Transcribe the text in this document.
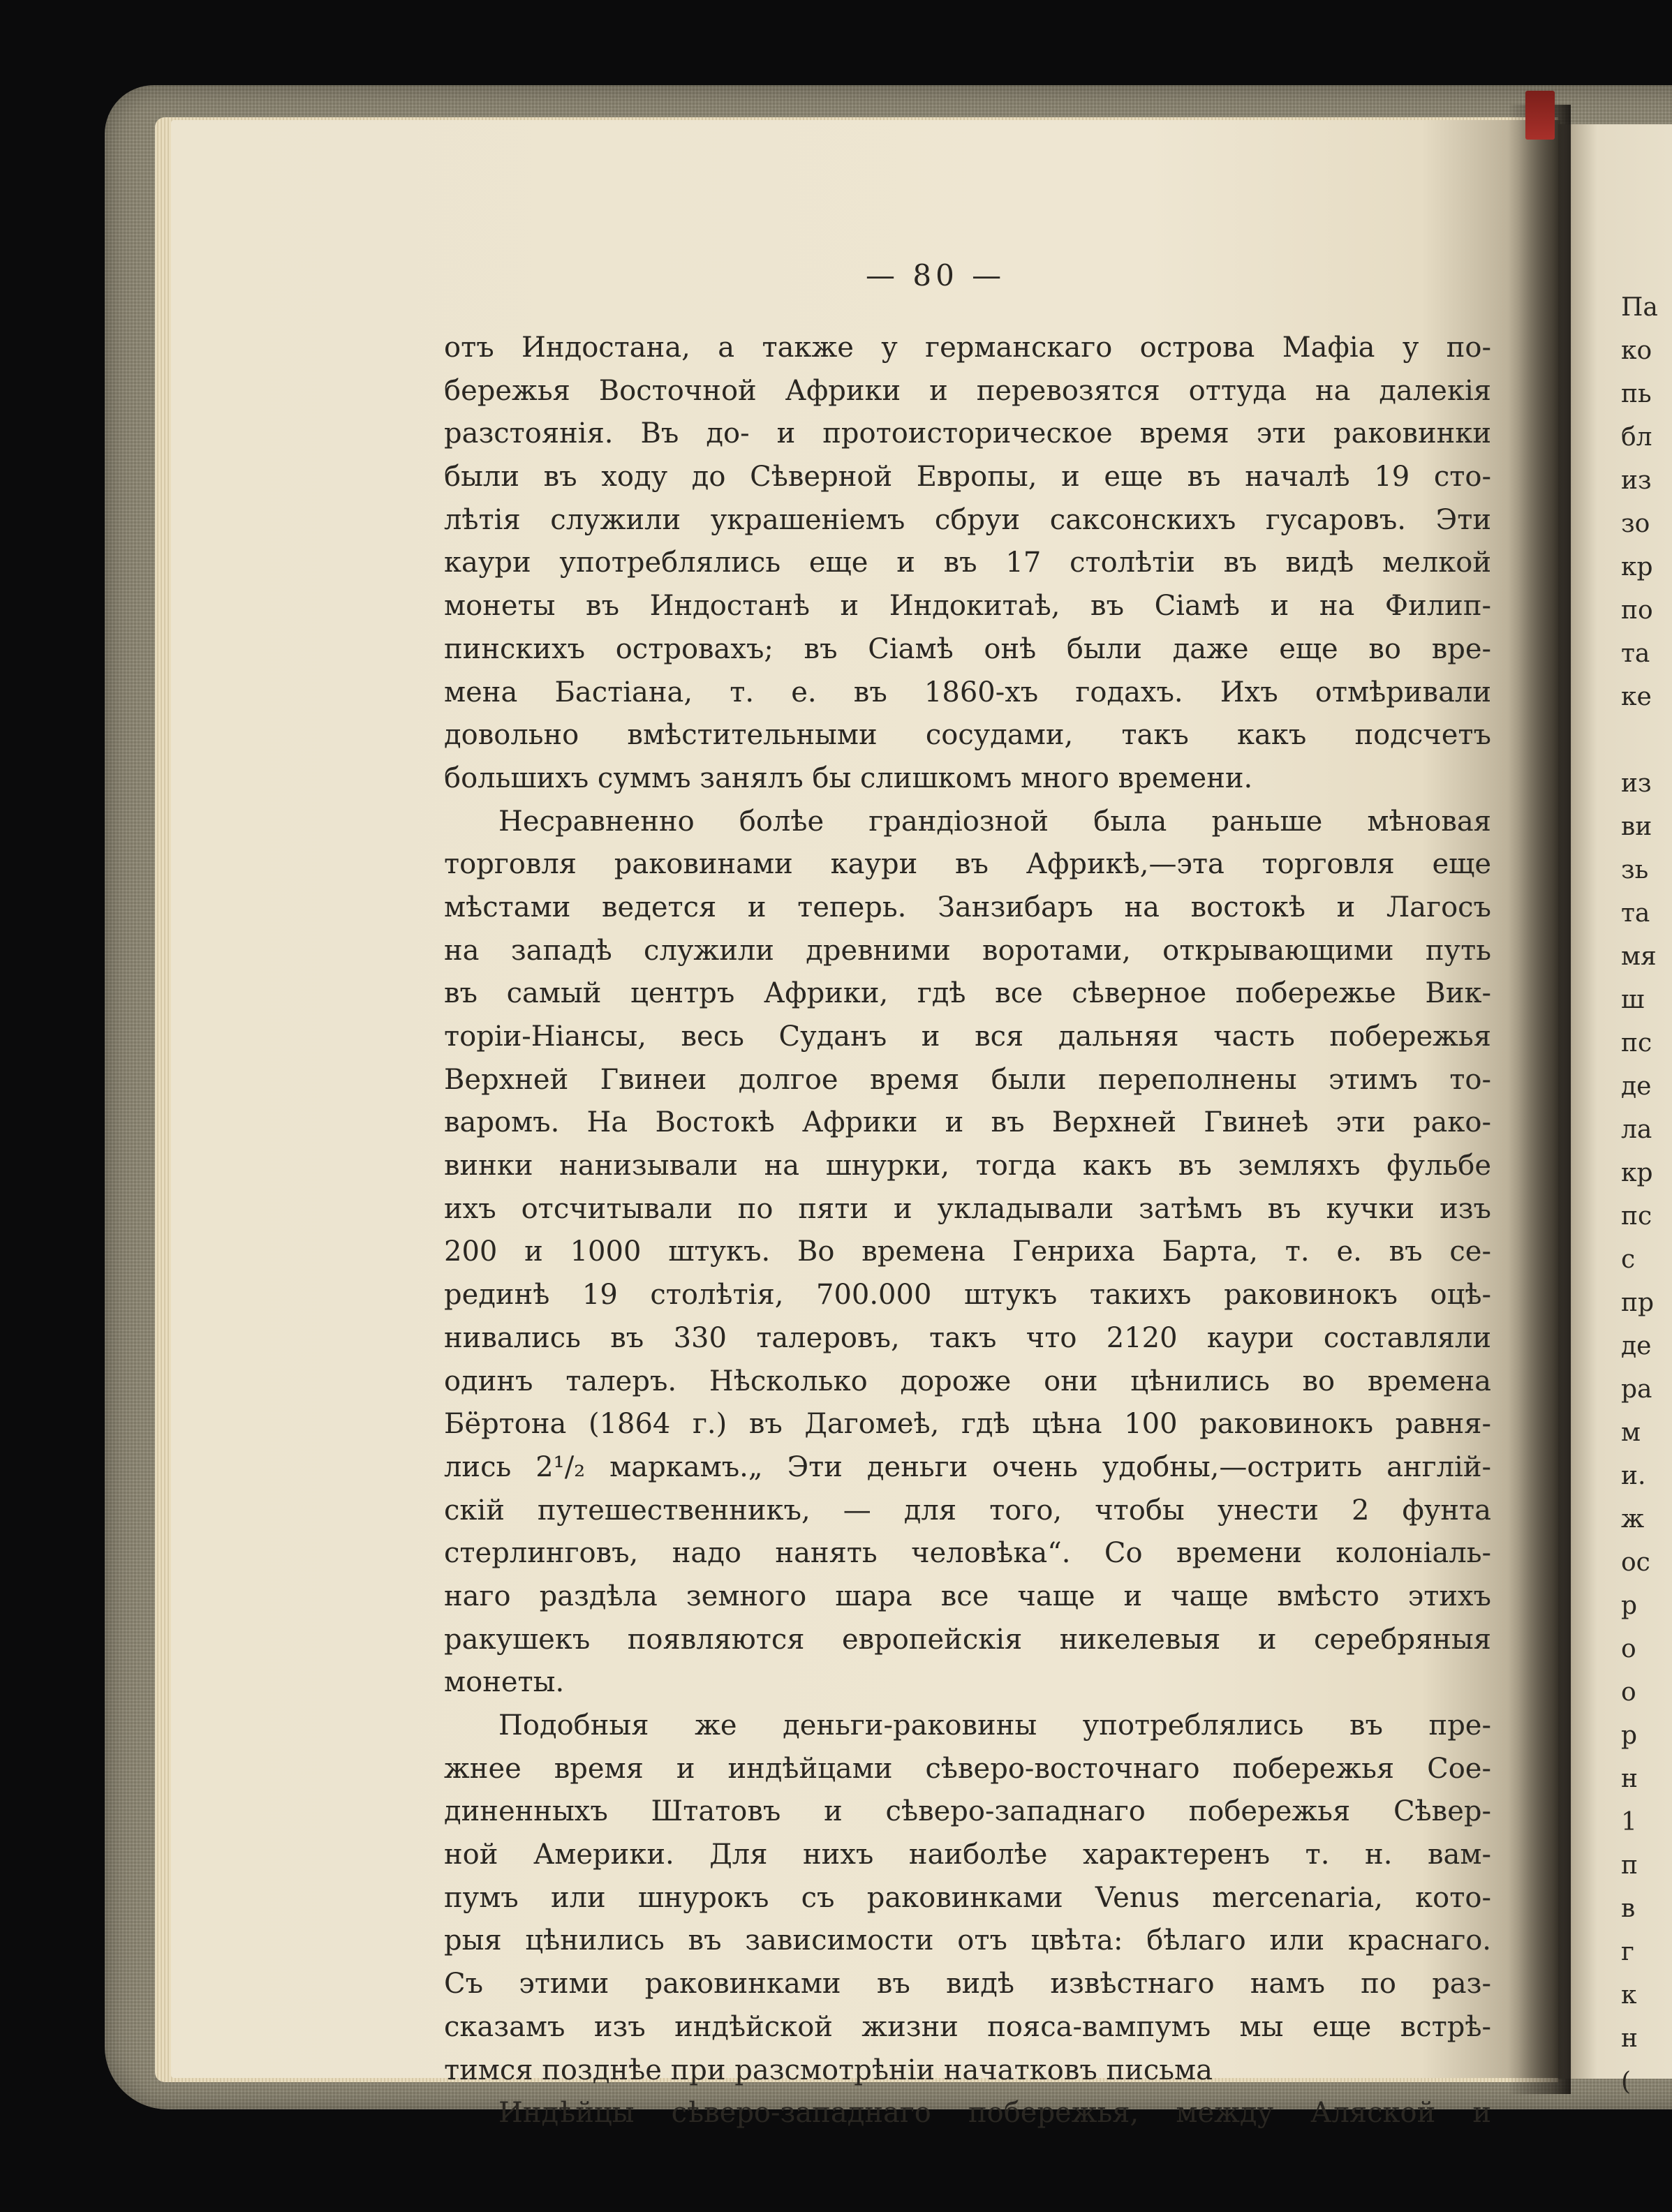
— 80 —
отъ Индостана, а также у германскаго острова Мафіа у по-
бережья Восточной Африки и перевозятся оттуда на далекія
разстоянія. Въ до- и протоисторическое время эти раковинки
были въ ходу до Сѣверной Европы, и еще въ началѣ 19 сто-
лѣтія служили украшеніемъ сбруи саксонскихъ гусаровъ. Эти
каури употреблялись еще и въ 17 столѣтіи въ видѣ мелкой
монеты въ Индостанѣ и Индокитаѣ, въ Сіамѣ и на Филип-
пинскихъ островахъ; въ Сіамѣ онѣ были даже еще во вре-
мена Бастіана, т. е. въ 1860-хъ годахъ. Ихъ отмѣривали
довольно вмѣстительными сосудами, такъ какъ подсчетъ
большихъ суммъ занялъ бы слишкомъ много времени.
Несравненно болѣе грандіозной была раньше мѣновая
торговля раковинами каури въ Африкѣ,—эта торговля еще
мѣстами ведется и теперь. Занзибаръ на востокѣ и Лагосъ
на западѣ служили древними воротами, открывающими путь
въ самый центръ Африки, гдѣ все сѣверное побережье Вик-
торіи-Ніансы, весь Суданъ и вся дальняя часть побережья
Верхней Гвинеи долгое время были переполнены этимъ то-
варомъ. На Востокѣ Африки и въ Верхней Гвинеѣ эти рако-
винки нанизывали на шнурки, тогда какъ въ земляхъ фульбе
ихъ отсчитывали по пяти и укладывали затѣмъ въ кучки изъ
200 и 1000 штукъ. Во времена Генриха Барта, т. е. въ се-
рединѣ 19 столѣтія, 700.000 штукъ такихъ раковинокъ оцѣ-
нивались въ 330 талеровъ, такъ что 2120 каури составляли
одинъ талеръ. Нѣсколько дороже они цѣнились во времена
Бёртона (1864 г.) въ Дагомеѣ, гдѣ цѣна 100 раковинокъ равня-
лись 2¹/₂ маркамъ.„ Эти деньги очень удобны,—острить англій-
скій путешественникъ, — для того, чтобы унести 2 фунта
стерлинговъ, надо нанять человѣка“. Со времени колоніаль-
наго раздѣла земного шара все чаще и чаще вмѣсто этихъ
ракушекъ появляются европейскія никелевыя и серебряныя
монеты.
Подобныя же деньги-раковины употреблялись въ пре-
жнее время и индѣйцами сѣверо-восточнаго побережья Сое-
диненныхъ Штатовъ и сѣверо-западнаго побережья Сѣвер-
ной Америки. Для нихъ наиболѣе характеренъ т. н. вам-
пумъ или шнурокъ съ раковинками Venus mercenaria, кото-
рыя цѣнились въ зависимости отъ цвѣта: бѣлаго или краснаго.
Съ этими раковинками въ видѣ извѣстнаго намъ по раз-
сказамъ изъ индѣйской жизни пояса-вампумъ мы еще встрѣ-
тимся позднѣе при разсмотрѣніи начатковъ письма
Индѣйцы сѣверо-западнаго побережья, между Аляской и
Па
ко
пь
бл
из
зо
кр
по
та
ке
из
ви
зь
та
мя
ш
пс
де
ла
кр
пс
с
пр
де
ра
м
и.
ж
ос
р
о
о
р
н
1
п
в
г
к
н
(
